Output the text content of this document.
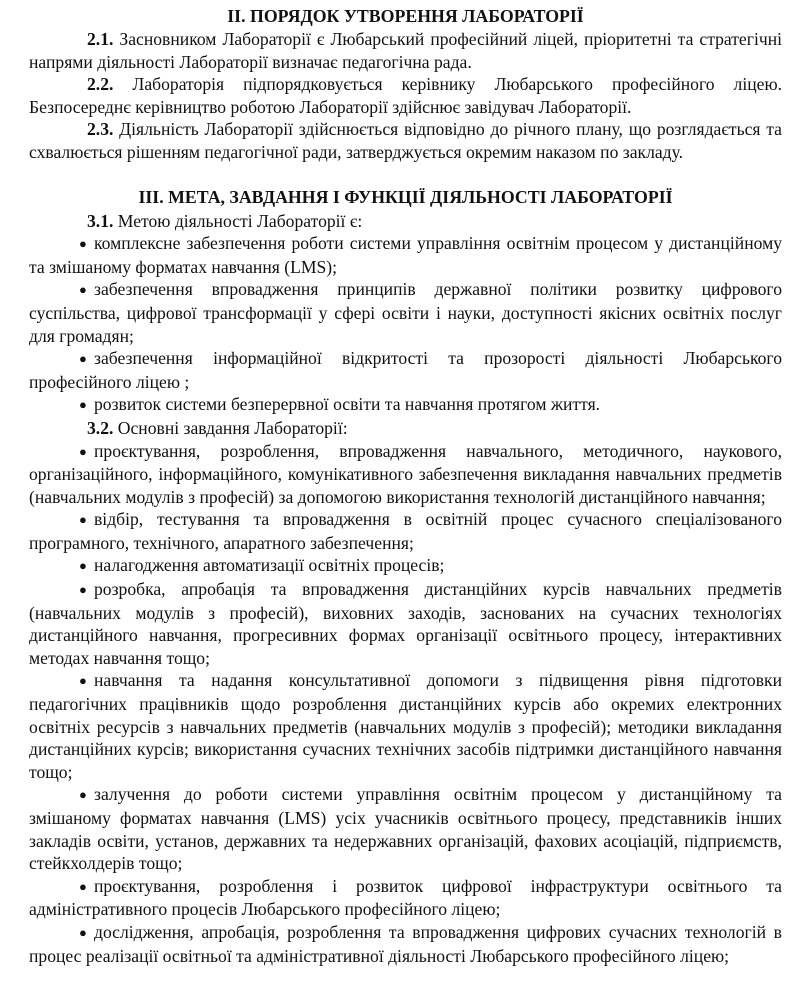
II. ПОРЯДОК УТВОРЕННЯ ЛАБОРАТОРІЇ

2.1. Засновником Лабораторії є Любарський професійний ліцей, пріоритетні та стратегічні напрями діяльності Лабораторії визначає педагогічна рада.

2.2. Лабораторія підпорядковується керівнику Любарського професійного ліцею. Безпосереднє керівництво роботою Лабораторії здійснює завідувач Лабораторії.

2.3. Діяльність Лабораторії здійснюється відповідно до річного плану, що розглядається та схвалюється рішенням педагогічної ради, затверджується окремим наказом по закладу.

III. МЕТА, ЗАВДАННЯ І ФУНКЦІЇ ДІЯЛЬНОСТІ ЛАБОРАТОРІЇ

3.1. Метою діяльності Лабораторії є:

● комплексне забезпечення роботи системи управління освітнім процесом у дистанційному та змішаному форматах навчання (LMS);

● забезпечення впровадження принципів державної політики розвитку цифрового суспільства, цифрової трансформації у сфері освіти і науки, доступності якісних освітніх послуг для громадян;

● забезпечення інформаційної відкритості та прозорості діяльності Любарського професійного ліцею ;

● розвиток системи безперервної освіти та навчання протягом життя.

3.2. Основні завдання Лабораторії:

● проєктування, розроблення, впровадження навчального, методичного, наукового, організаційного, інформаційного, комунікативного забезпечення викладання навчальних предметів (навчальних модулів з професій) за допомогою використання технологій дистанційного навчання;

● відбір, тестування та впровадження в освітній процес сучасного спеціалізованого програмного, технічного, апаратного забезпечення;

● налагодження автоматизації освітніх процесів;

● розробка, апробація та впровадження дистанційних курсів навчальних предметів (навчальних модулів з професій), виховних заходів, заснованих на сучасних технологіях дистанційного навчання, прогресивних формах організації освітнього процесу, інтерактивних методах навчання тощо;

● навчання та надання консультативної допомоги з підвищення рівня підготовки педагогічних працівників щодо розроблення дистанційних курсів або окремих електронних освітніх ресурсів з навчальних предметів (навчальних модулів з професій); методики викладання дистанційних курсів; використання сучасних технічних засобів підтримки дистанційного навчання тощо;

● залучення до роботи системи управління освітнім процесом у дистанційному та змішаному форматах навчання (LMS) усіх учасників освітнього процесу, представників інших закладів освіти, установ, державних та недержавних організацій, фахових асоціацій, підприємств, стейкхолдерів тощо;

● проєктування, розроблення і розвиток цифрової інфраструктури освітнього та адміністративного процесів Любарського професійного ліцею;

● дослідження, апробація, розроблення та впровадження цифрових сучасних технологій в процес реалізації освітньої та адміністративної діяльності Любарського професійного ліцею;
